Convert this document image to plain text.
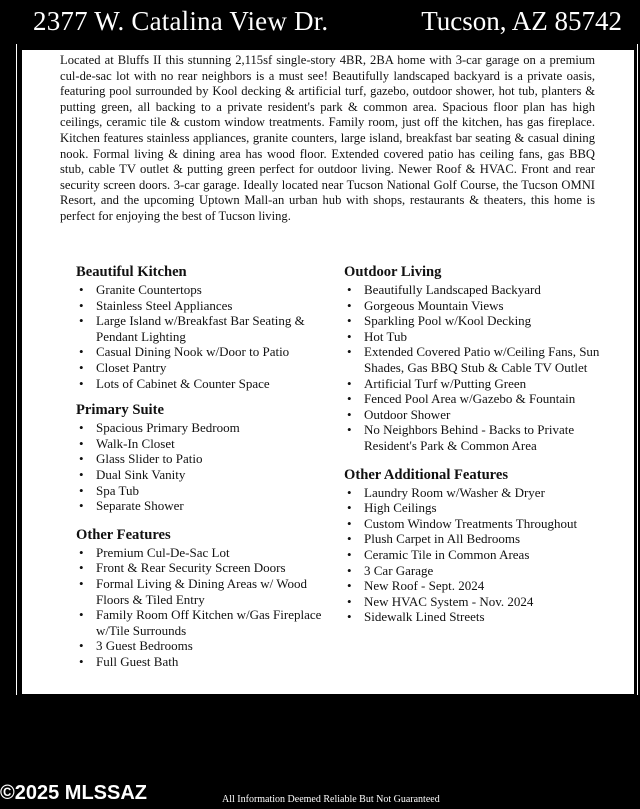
2377 W. Catalina View Dr.	Tucson, AZ 85742
Located at Bluffs II this stunning 2,115sf single-story 4BR, 2BA home with 3-car garage on a premium cul-de-sac lot with no rear neighbors is a must see! Beautifully landscaped backyard is a private oasis, featuring pool surrounded by Kool decking & artificial turf, gazebo, outdoor shower, hot tub, planters & putting green, all backing to a private resident's park & common area. Spacious floor plan has high ceilings, ceramic tile & custom window treatments. Family room, just off the kitchen, has gas fireplace. Kitchen features stainless appliances, granite counters, large island, breakfast bar seating & casual dining nook. Formal living & dining area has wood floor. Extended covered patio has ceiling fans, gas BBQ stub, cable TV outlet & putting green perfect for outdoor living. Newer Roof & HVAC. Front and rear security screen doors. 3-car garage. Ideally located near Tucson National Golf Course, the Tucson OMNI Resort, and the upcoming Uptown Mall-an urban hub with shops, restaurants & theaters, this home is perfect for enjoying the best of Tucson living.
Beautiful Kitchen
• Granite Countertops
• Stainless Steel Appliances
• Large Island w/Breakfast Bar Seating & Pendant Lighting
• Casual Dining Nook w/Door to Patio
• Closet Pantry
• Lots of Cabinet & Counter Space
Primary Suite
• Spacious Primary Bedroom
• Walk-In Closet
• Glass Slider to Patio
• Dual Sink Vanity
• Spa Tub
• Separate Shower
Other Features
• Premium Cul-De-Sac Lot
• Front & Rear Security Screen Doors
• Formal Living & Dining Areas w/ Wood Floors & Tiled Entry
• Family Room Off Kitchen w/Gas Fireplace w/Tile Surrounds
• 3 Guest Bedrooms
• Full Guest Bath
Outdoor Living
• Beautifully Landscaped Backyard
• Gorgeous Mountain Views
• Sparkling Pool w/Kool Decking
• Hot Tub
• Extended Covered Patio w/Ceiling Fans, Sun Shades, Gas BBQ Stub & Cable TV Outlet
• Artificial Turf w/Putting Green
• Fenced Pool Area w/Gazebo & Fountain
• Outdoor Shower
• No Neighbors Behind - Backs to Private Resident's Park & Common Area
Other Additional Features
• Laundry Room w/Washer & Dryer
• High Ceilings
• Custom Window Treatments Throughout
• Plush Carpet in All Bedrooms
• Ceramic Tile in Common Areas
• 3 Car Garage
• New Roof - Sept. 2024
• New HVAC System - Nov. 2024
• Sidewalk Lined Streets
©2025 MLSSAZ	All Information Deemed Reliable But Not Guaranteed
